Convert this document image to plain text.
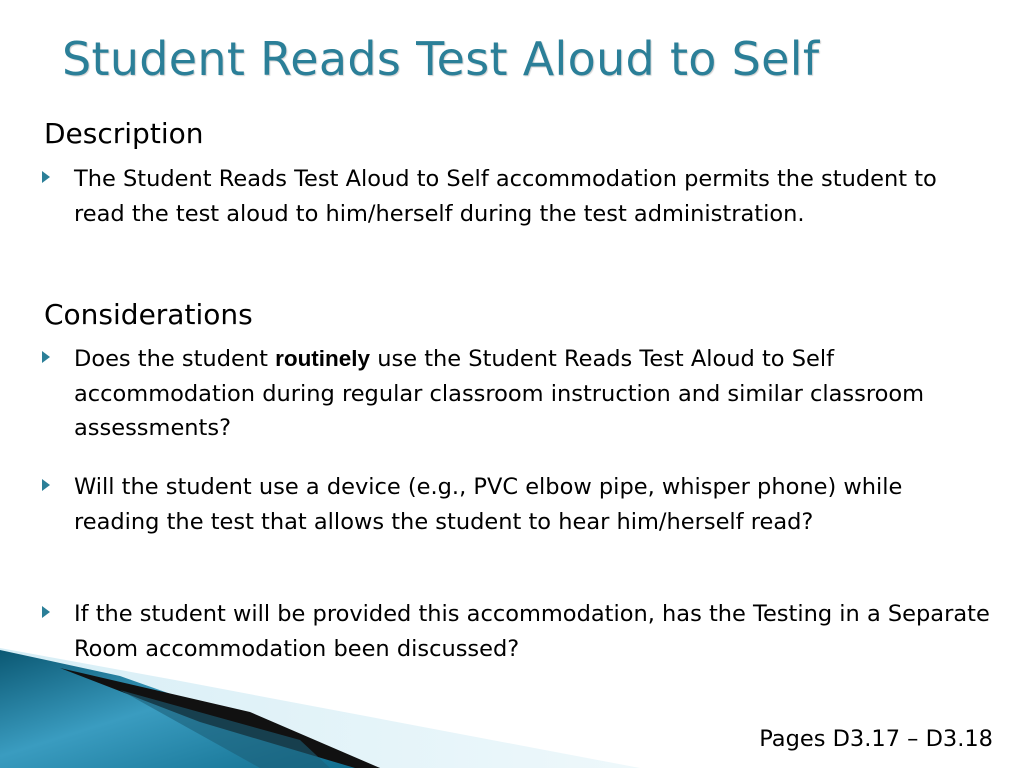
Student Reads Test Aloud to Self
Description
The Student Reads Test Aloud to Self accommodation permits the student to read the test aloud to him/herself during the test administration.
Considerations
Does the student routinely use the Student Reads Test Aloud to Self accommodation during regular classroom instruction and similar classroom assessments?
Will the student use a device (e.g., PVC elbow pipe, whisper phone) while reading the test that allows the student to hear him/herself read?
If the student will be provided this accommodation, has the Testing in a Separate Room accommodation been discussed?
Pages D3.17 – D3.18
